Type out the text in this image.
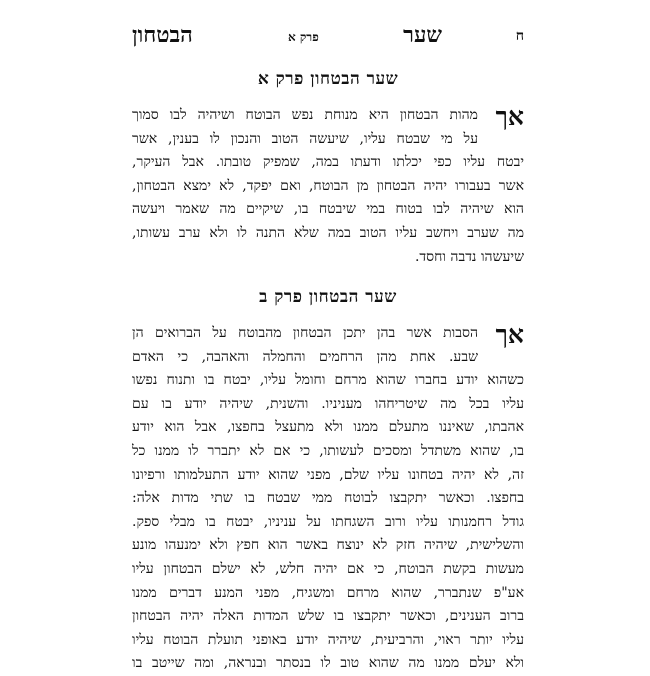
ח
שער
פרק א
הבטחון
שער הבטחון פרק א
אך
מהות הבטחון היא מנוחת נפש הבוטח ושיהיה לבו סמוך
על מי שבטח עליו, שיעשה הטוב והנכון לו בענין, אשר
יבטח עליו כפי יכלתו ודעתו במה, שמפיק טובתו. אבל העיקר,
אשר בעבורו יהיה הבטחון מן הבוטח, ואם יפקד, לא ימצא הבטחון,
הוא שיהיה לבו בטוח במי שיבטח בו, שיקיים מה שאמר ויעשה
מה שערב ויחשב עליו הטוב במה שלא התנה לו ולא ערב עשותו,
שיעשהו נדבה וחסד.
שער הבטחון פרק ב
אך
הסבות אשר בהן יתכן הבטחון מהבוטח על הברואים הן
שבע. אחת מהן הרחמים והחמלה והאהבה, כי האדם
כשהוא יודע בחברו שהוא מרחם וחומל עליו, יבטח בו ותנוח נפשו
עליו בכל מה שיטריחהו מעניניו. והשנית, שיהיה יודע בו עם
אהבתו, שאיננו מתעלם ממנו ולא מתעצל בחפצו, אבל הוא יודע
בו, שהוא משתדל ומסכים לעשותו, כי אם לא יתברר לו ממנו כל
זה, לא יהיה בטחונו עליו שלם, מפני שהוא יודע התעלמותו ורפיונו
בחפצו. וכאשר יתקבצו לבוטח ממי שבטח בו שתי מדות אלה:
גודל רחמנותו עליו ורוב השגחתו על עניניו, יבטח בו מבלי ספק.
והשלישית, שיהיה חזק לא ינוצח באשר הוא חפץ ולא ימנעהו מונע
מעשות בקשת הבוטח, כי אם יהיה חלש, לא ישלם הבטחון עליו
אע"פ שנתברר, שהוא מרחם ומשגיח, מפני המנע דברים ממנו
ברוב הענינים, וכאשר יתקבצו בו שלש המדות האלה יהיה הבטחון
עליו יותר ראוי, והרביעית, שיהיה יודע באופני תועלת הבוטח עליו
ולא יעלם ממנו מה שהוא טוב לו בנסתר ובנראה, ומה שייטב בו
